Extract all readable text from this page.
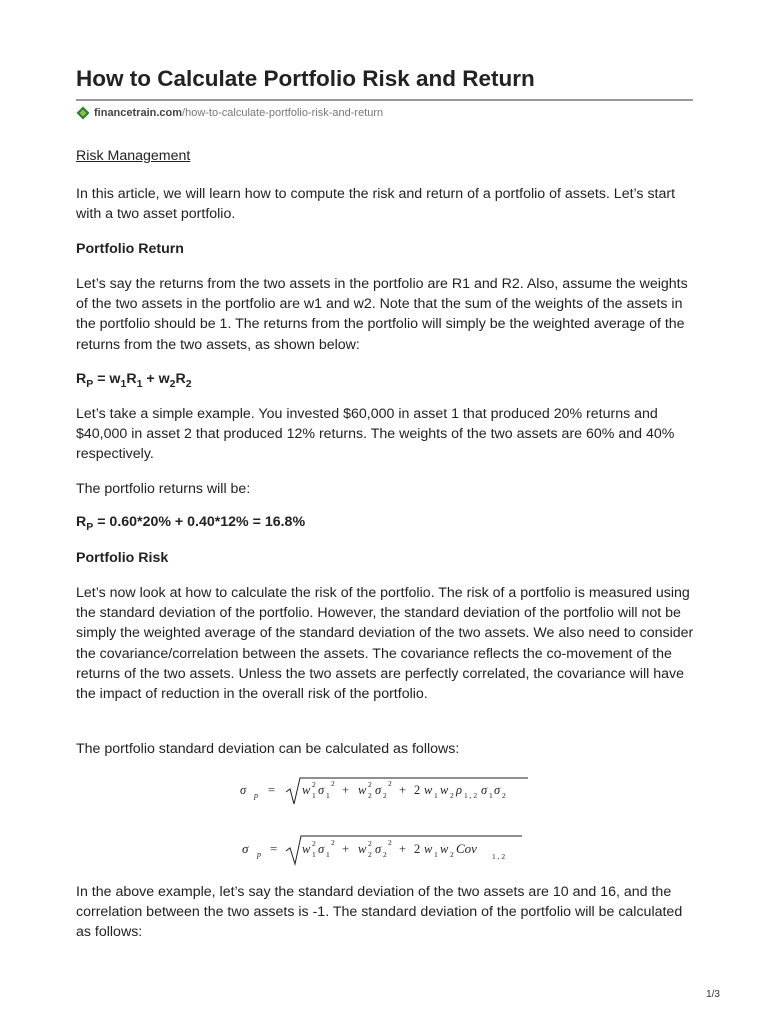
How to Calculate Portfolio Risk and Return
financetrain.com /how-to-calculate-portfolio-risk-and-return
Risk Management

In this article, we will learn how to compute the risk and return of a portfolio of assets. Let’s start with a two asset portfolio.

Portfolio Return

Let’s say the returns from the two assets in the portfolio are R1 and R2. Also, assume the weights of the two assets in the portfolio are w1 and w2. Note that the sum of the weights of the assets in the portfolio should be 1. The returns from the portfolio will simply be the weighted average of the returns from the two assets, as shown below:

$R_P = w_1R_1 + w_2R_2$

Let’s take a simple example. You invested $60,000 in asset 1 that produced 20% returns and $40,000 in asset 2 that produced 12% returns. The weights of the two assets are 60% and 40% respectively.

The portfolio returns will be:
$R_P = 0.60*20\% + 0.40*12\% = 16.8\%$
Portfolio Risk

Let’s now look at how to calculate the risk of the portfolio. The risk of a portfolio is measured using the standard deviation of the portfolio. However, the standard deviation of the portfolio will not be simply the weighted average of the standard deviation of the two assets. We also need to consider the covariance/correlation between the assets. The covariance reflects the co-movement of the returns of the two assets. Unless the two assets are perfectly correlated, the covariance will have the impact of reduction in the overall risk of the portfolio.

The portfolio standard deviation can be calculated as follows:
σ p = w 1
2 σ 1
2 + w 2
2 σ 2
2 + 2 w 1 w 2 ρ 1 , 2 σ 1 σ 2
σ p = w 1
2 σ 1
2 + w 2
2 σ 2
2 + 2 w 1 w 2 Cov
1 , 2

In the above example, let’s say the standard deviation of the two assets are 10 and 16, and the correlation between the two assets is -1. The standard deviation of the portfolio will be calculated as follows:

1/3
